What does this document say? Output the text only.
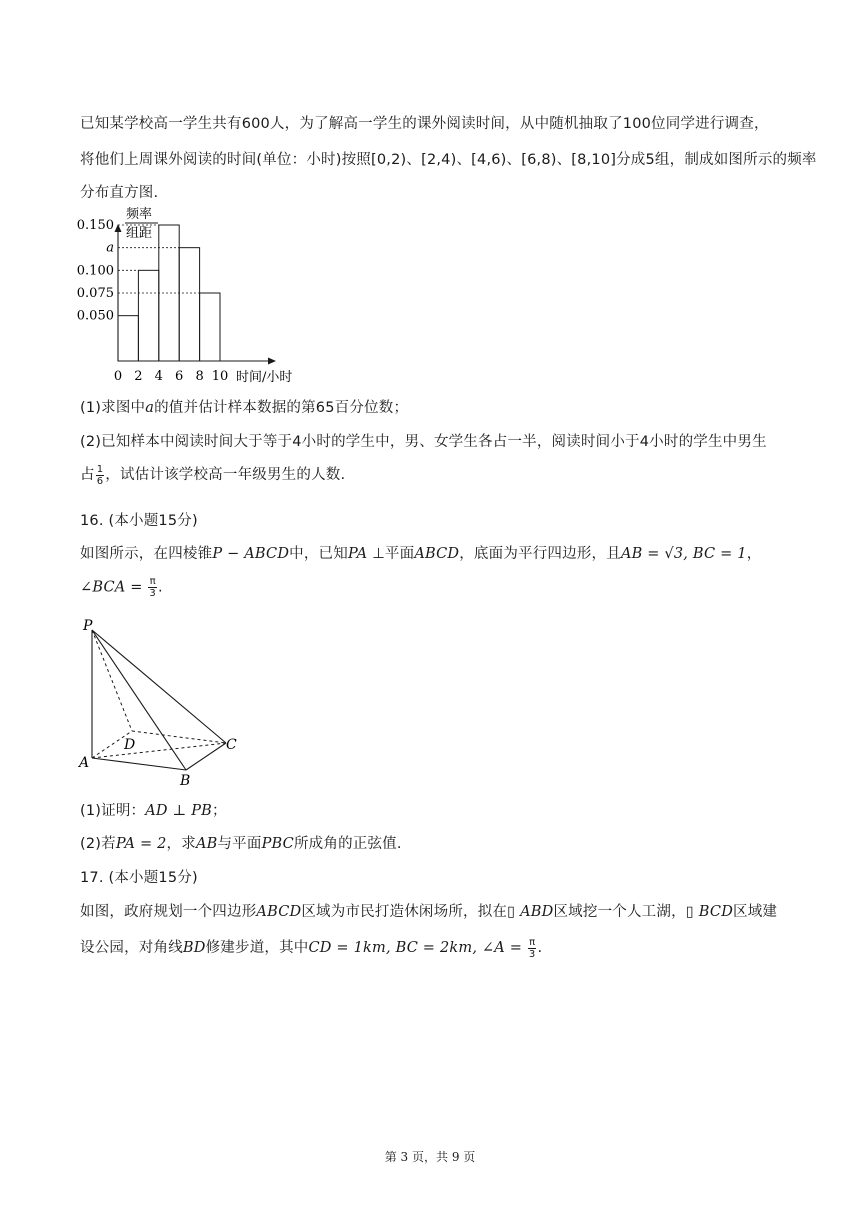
已知某学校高一学生共有600人，为了解高一学生的课外阅读时间，从中随机抽取了100位同学进行调查，
将他们上周课外阅读的时间(单位：小时)按照[0,2)、[2,4)、[4,6)、[6,8)、[8,10]分成5组，制成如图所示的频率
分布直方图.
频率
组距
0.150
a
0.100
0.075
0.050
0 2 4 6 8 10 时间/小时
(1)求图中a的值并估计样本数据的第65百分位数；
(2)已知样本中阅读时间大于等于4小时的学生中，男、女学生各占一半，阅读时间小于4小时的学生中男生
占 $\frac{1}{6}$ ，试估计该学校高一年级男生的人数.
16. (本小题15分)
如图所示，在四棱锥P − ABCD中，已知PA ⊥平面ABCD，底面为平行四边形，且AB = √3, BC = 1，
∠BCA = $\frac{\pi}{3}$ .
P
A
B
C
D
(1)证明：AD ⊥ PB；
(2)若PA = 2，求AB与平面PBC所成角的正弦值.
17. (本小题15分)
如图，政府规划一个四边形ABCD区域为市民打造休闲场所，拟在▯ ABD区域挖一个人工湖，▯ BCD区域建
设公园，对角线BD修建步道，其中CD = 1km, BC = 2km, ∠A = $\frac{\pi}{3}$ .
第 3 页，共 9 页
